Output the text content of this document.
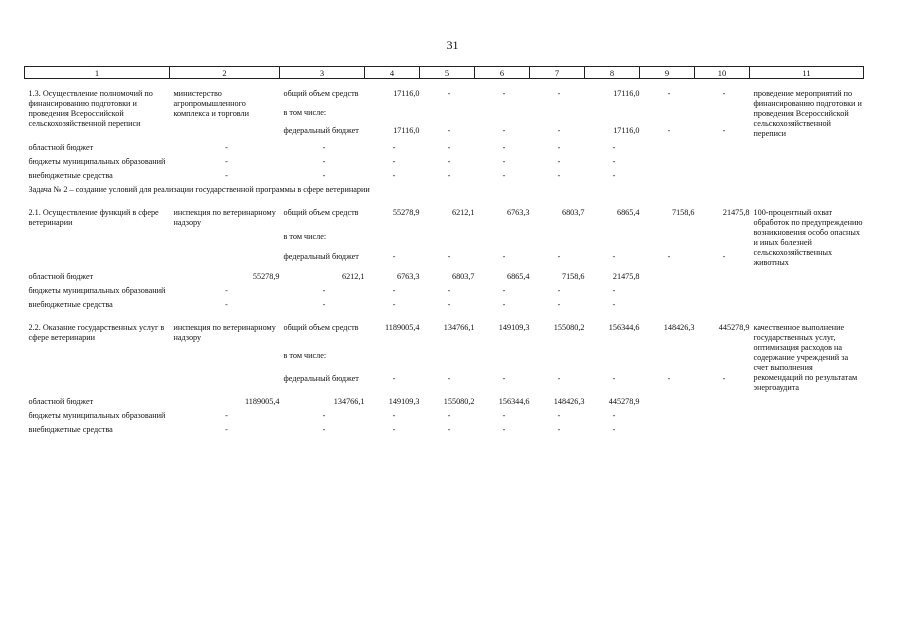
31
1	2	3	4	5	6	7	8	9	10	11
1.3. Осуществление полномочий по финансированию подготовки и проведения Всероссийской сельскохозяйственной переписи	министерство агропромышленного комплекса и торговли	общий объем средств	17116,0	-	-	-	17116,0	-	-	проведение мероприятий по финансированию подготовки и проведения Всероссийской сельскохозяйственной переписи

		в том числе:								

		федеральный бюджет	17116,0	-	-	-	17116,0	-	-	

областной бюджет	-	-	-	-	-	-	-			

бюджеты муниципальных образований	-	-	-	-	-	-	-			

внебюджетные средства	-	-	-	-	-	-	-			

Задача № 2 – создание условий для реализации государственной программы в сфере ветеринарии										
2.1. Осуществление функций в сфере ветеринарии	инспекция по ветеринарному надзору	общий объем средств	55278,9	6212,1	6763,3	6803,7	6865,4	7158,6	21475,8	100-процентный охват обработок по предупреждению возникновения особо опасных и иных болезней сельскохозяйственных животных

		в том числе:								

		федеральный бюджет	-	-	-	-	-	-	-	

областной бюджет	55278,9	6212,1	6763,3	6803,7	6865,4	7158,6	21475,8			

бюджеты муниципальных образований	-	-	-	-	-	-	-			

внебюджетные средства	-	-	-	-	-	-	-			

2.2. Оказание государственных услуг в сфере ветеринарии	инспекция по ветеринарному надзору	общий объем средств	1189005,4	134766,1	149109,3	155080,2	156344,6	148426,3	445278,9	качественное выполнение государственных услуг, оптимизация расходов на содержание учреждений за счет выполнения рекомендаций по результатам энергоаудита

		в том числе:								

		федеральный бюджет	-	-	-	-	-	-	-	

областной бюджет	1189005,4	134766,1	149109,3	155080,2	156344,6	148426,3	445278,9			

бюджеты муниципальных образований	-	-	-	-	-	-	-			

внебюджетные средства	-	-	-	-	-	-	-			
